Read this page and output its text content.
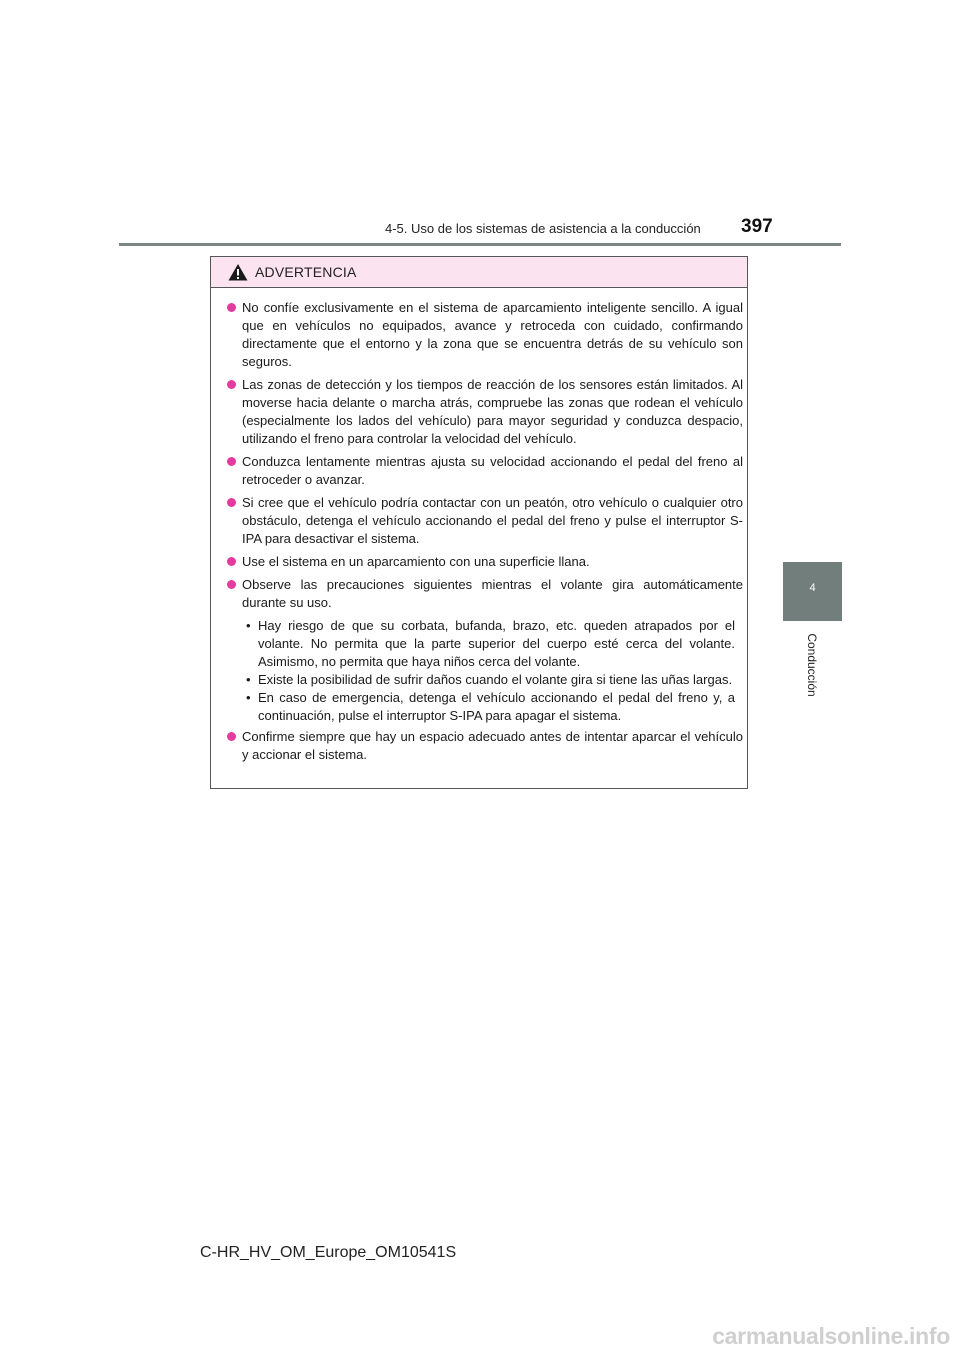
4-5. Uso de los sistemas de asistencia a la conducción 397
4
Conducción
ADVERTENCIA
No confíe exclusivamente en el sistema de aparcamiento inteligente sencillo. A igual que en vehículos no equipados, avance y retroceda con cuidado, confirmando directamente que el entorno y la zona que se encuentra detrás de su vehículo son seguros.
Las zonas de detección y los tiempos de reacción de los sensores están limitados. Al moverse hacia delante o marcha atrás, compruebe las zonas que rodean el vehículo (especialmente los lados del vehículo) para mayor seguridad y conduzca despacio, utilizando el freno para controlar la velocidad del vehículo.
Conduzca lentamente mientras ajusta su velocidad accionando el pedal del freno al retroceder o avanzar.
Si cree que el vehículo podría contactar con un peatón, otro vehículo o cualquier otro obstáculo, detenga el vehículo accionando el pedal del freno y pulse el interruptor S-IPA para desactivar el sistema.
Use el sistema en un aparcamiento con una superficie llana.
Observe las precauciones siguientes mientras el volante gira automáticamente durante su uso.
• Hay riesgo de que su corbata, bufanda, brazo, etc. queden atrapados por el volante. No permita que la parte superior del cuerpo esté cerca del volante. Asimismo, no permita que haya niños cerca del volante.
• Existe la posibilidad de sufrir daños cuando el volante gira si tiene las uñas largas.
• En caso de emergencia, detenga el vehículo accionando el pedal del freno y, a continuación, pulse el interruptor S-IPA para apagar el sistema.
Confirme siempre que hay un espacio adecuado antes de intentar aparcar el vehículo y accionar el sistema.
C-HR_HV_OM_Europe_OM10541S
carmanualsonline.info
